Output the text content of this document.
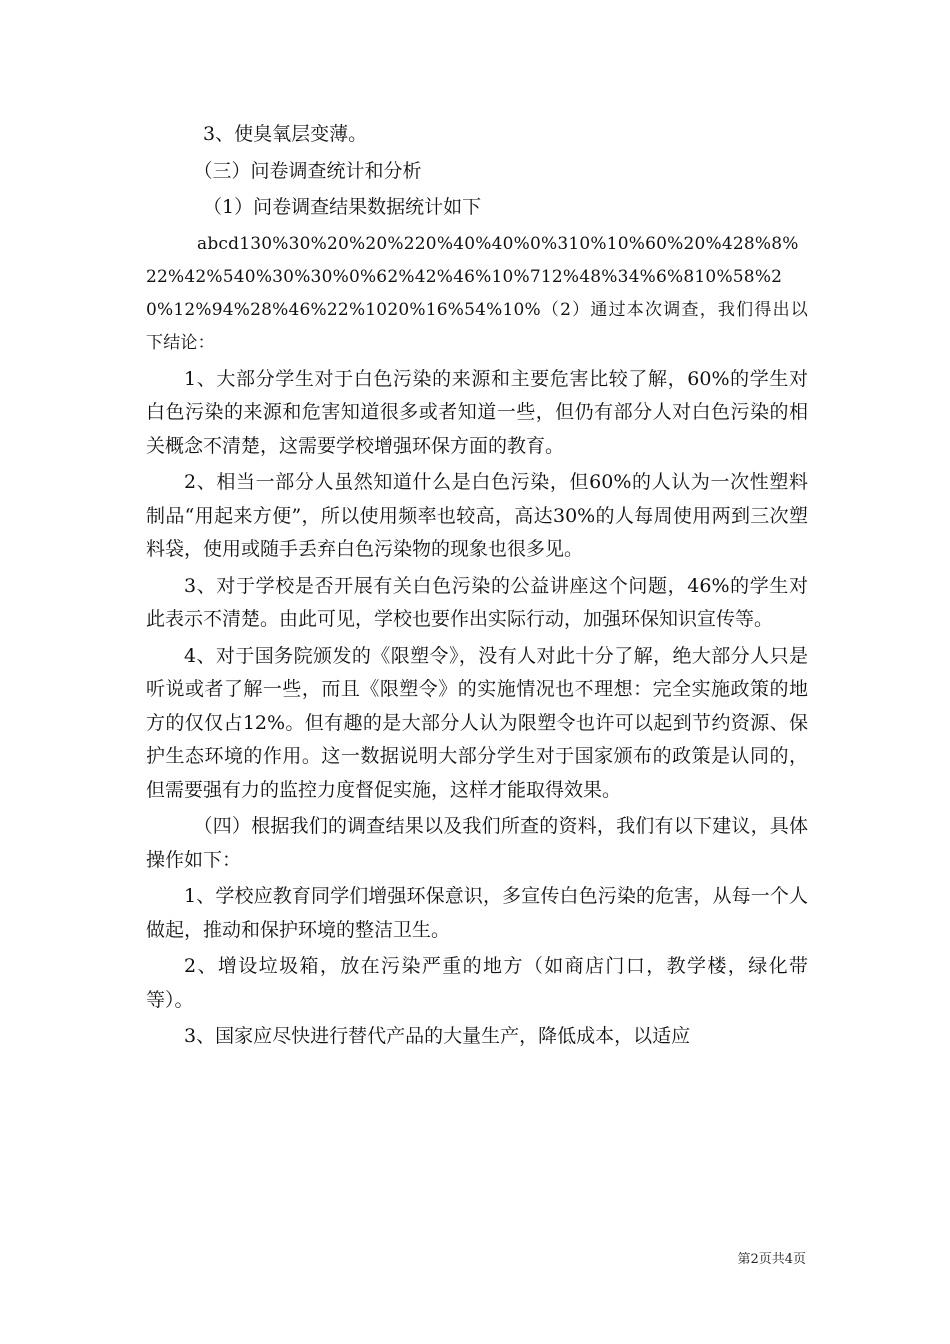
3、使臭氧层变薄。

（三）问卷调查统计和分析

（1）问卷调查结果数据统计如下

abcd130%30%20%20%220%40%40%0%310%10%60%20%428%8%22%42%540%30%30%0%62%42%46%10%712%48%34%6%810%58%20%12%94%28%46%22%1020%16%54%10%（2）通过本次调查，我们得出以下结论：

1、大部分学生对于白色污染的来源和主要危害比较了解，60%的学生对白色污染的来源和危害知道很多或者知道一些，但仍有部分人对白色污染的相关概念不清楚，这需要学校增强环保方面的教育。

2、相当一部分人虽然知道什么是白色污染，但60%的人认为一次性塑料制品“用起来方便”，所以使用频率也较高，高达30%的人每周使用两到三次塑料袋，使用或随手丢弃白色污染物的现象也很多见。

3、对于学校是否开展有关白色污染的公益讲座这个问题，46%的学生对此表示不清楚。由此可见，学校也要作出实际行动，加强环保知识宣传等。

4、对于国务院颁发的《限塑令》，没有人对此十分了解，绝大部分人只是听说或者了解一些，而且《限塑令》的实施情况也不理想：完全实施政策的地方的仅仅占12%。但有趣的是大部分人认为限塑令也许可以起到节约资源、保护生态环境的作用。这一数据说明大部分学生对于国家颁布的政策是认同的，但需要强有力的监控力度督促实施，这样才能取得效果。

（四）根据我们的调查结果以及我们所查的资料，我们有以下建议，具体操作如下：

1、学校应教育同学们增强环保意识，多宣传白色污染的危害，从每一个人做起，推动和保护环境的整洁卫生。

2、增设垃圾箱，放在污染严重的地方（如商店门口，教学楼，绿化带等）。

3、国家应尽快进行替代产品的大量生产，降低成本，以适应

第2页共4页
